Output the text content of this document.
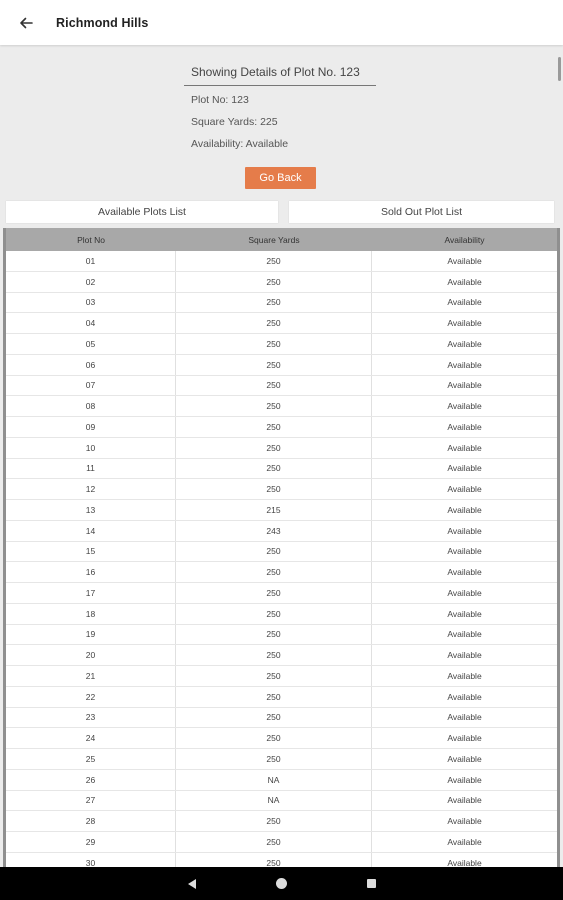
Richmond Hills
Showing Details of Plot No. 123
Plot No: 123
Square Yards: 225
Availability: Available
Go Back
Available Plots List	Sold Out Plot List
Plot No	Square Yards	Availability
01	250	Available
02	250	Available
03	250	Available
04	250	Available
05	250	Available
06	250	Available
07	250	Available
08	250	Available
09	250	Available
10	250	Available
11	250	Available
12	250	Available
13	215	Available
14	243	Available
15	250	Available
16	250	Available
17	250	Available
18	250	Available
19	250	Available
20	250	Available
21	250	Available
22	250	Available
23	250	Available
24	250	Available
25	250	Available
26	NA	Available
27	NA	Available
28	250	Available
29	250	Available
30	250	Available
